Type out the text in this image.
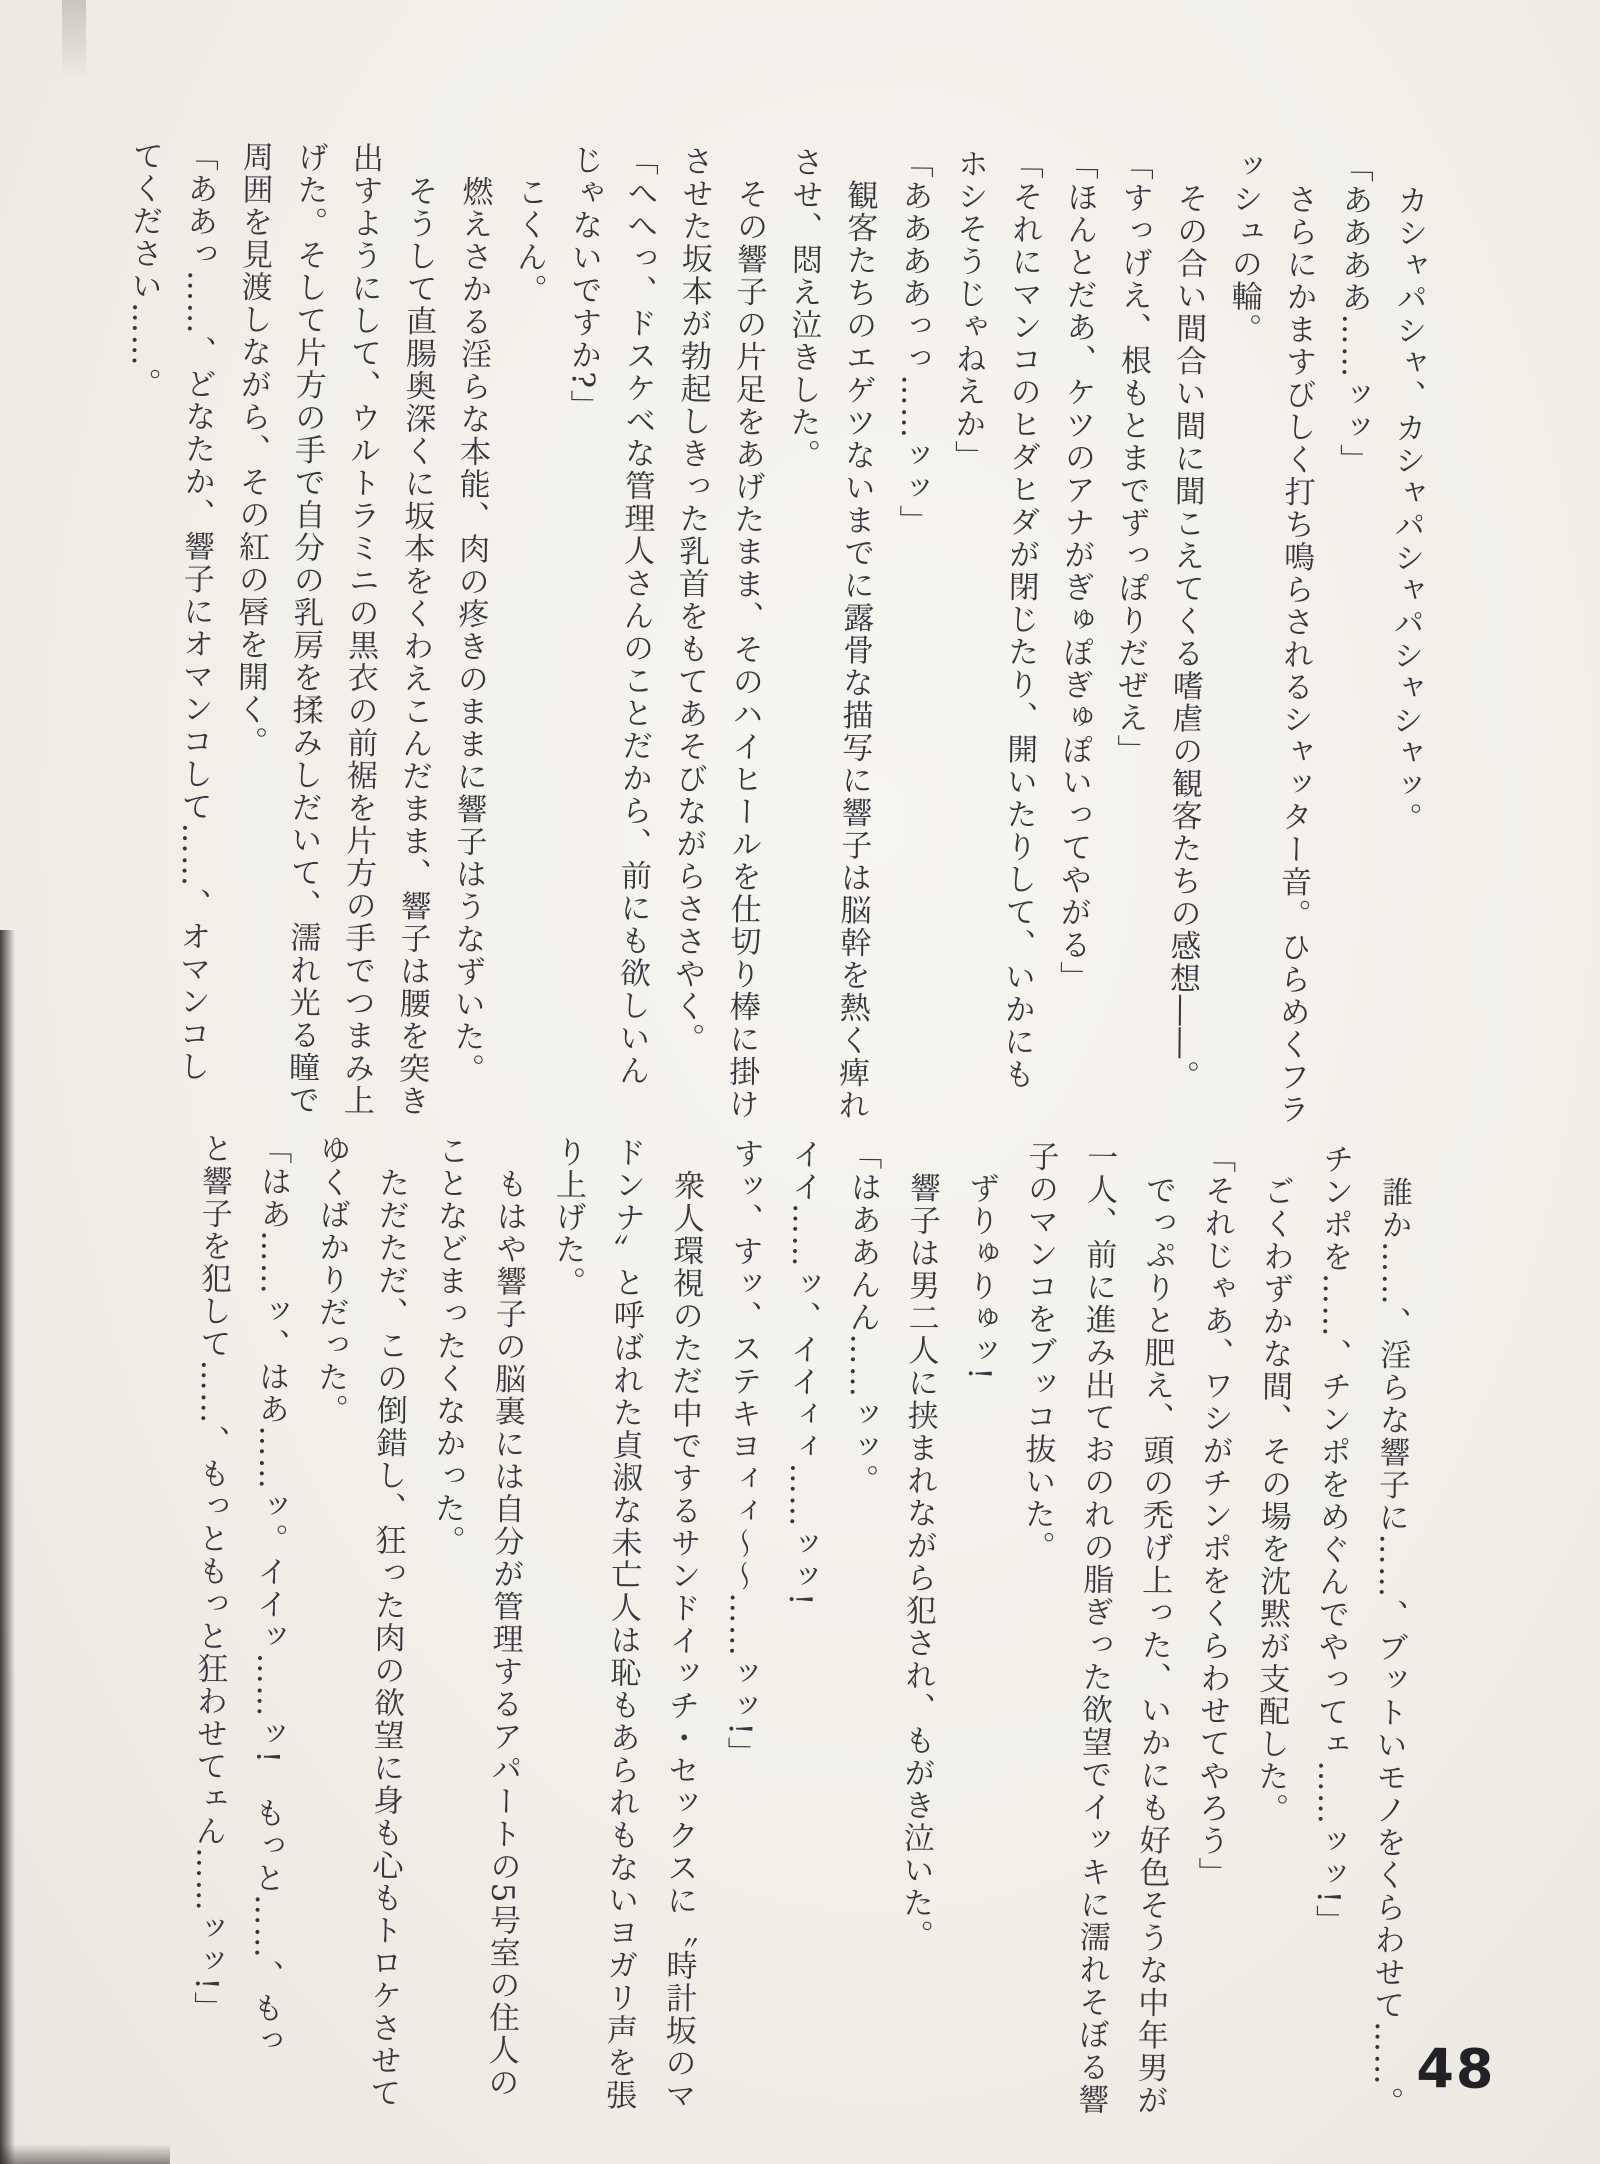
　カシャパシャ、カシャパシャパシャシャッ。

「ああああ……ッッ」

　さらにかますびしく打ち鳴らされるシャッター音。ひらめくフラ

ッシュの輪。

　その合い間合い間に聞こえてくる嗜虐の観客たちの感想――。

「すっげえ、根もとまでずっぽりだぜえ」

「ほんとだあ、ケツのアナがぎゅぽぎゅぽいってやがる」

「それにマンコのヒダヒダが閉じたり、開いたりして、いかにも

ホシそうじゃねえか」

「ああああっっ……ッッ」

　観客たちのエゲツないまでに露骨な描写に響子は脳幹を熱く痺れ

させ、悶え泣きした。

　その響子の片足をあげたまま、そのハイヒールを仕切り棒に掛け

させた坂本が勃起しきった乳首をもてあそびながらささやく。

「へへっ、ドスケベな管理人さんのことだから、前にも欲しいん

じゃないですか?」

　こくん。

　燃えさかる淫らな本能、肉の疼きのままに響子はうなずいた。

　そうして直腸奥深くに坂本をくわえこんだまま、響子は腰を突き

出すようにして、ウルトラミニの黒衣の前裾を片方の手でつまみ上

げた。そして片方の手で自分の乳房を揉みしだいて、濡れ光る瞳で

周囲を見渡しながら、その紅の唇を開く。

「ああっ……、どなたか、響子にオマンコして……、オマンコし

てください……。

　誰か……、淫らな響子に……、ブットいモノをくらわせて……。

チンポを……、チンポをめぐんでやってェ……ッッ!」

　ごくわずかな間、その場を沈黙が支配した。

「それじゃあ、ワシがチンポをくらわせてやろう」

　でっぷりと肥え、頭の禿げ上った、いかにも好色そうな中年男が

一人、前に進み出ておのれの脂ぎった欲望でイッキに濡れそぼる響

子のマンコをブッコ抜いた。

　ずりゅりゅッ!

　響子は男二人に挟まれながら犯され、もがき泣いた。

「はああんん……ッッ。

イイ……ッ、イイィィ……ッッ!

すッ、すッ、ステキヨィィ〜〜……ッッ!」

　衆人環視のただ中でするサンドイッチ・セックスに〝時計坂のマ

ドンナ〟と呼ばれた貞淑な未亡人は恥もあられもないヨガリ声を張

り上げた。

　もはや響子の脳裏には自分が管理するアパートの5号室の住人の

ことなどまったくなかった。

　ただただ、この倒錯し、狂った肉の欲望に身も心もトロケさせて

ゆくばかりだった。

「はあ……ッ、はあ……ッ。イイッ……ッ!　もっと……、もっ

と響子を犯して……、もっともっと狂わせてェん……ッッ!」

48
